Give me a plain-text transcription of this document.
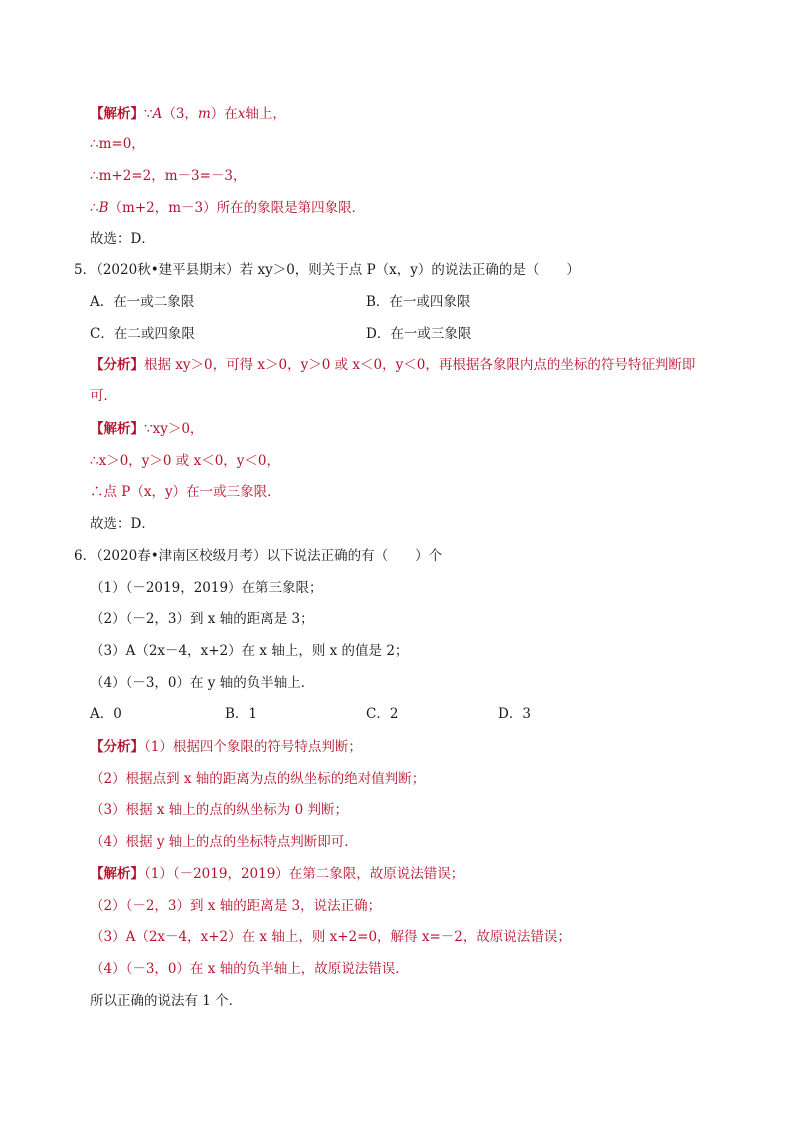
【解析】∵A（3，m）在x轴上，
∴m=0，
∴m+2=2，m－3=－3，
∴B（m+2，m－3）所在的象限是第四象限．
故选：D．
5．（2020秋•建平县期末）若 xy＞0，则关于点 P（x，y）的说法正确的是（　　）
A．在一或二象限	B．在一或四象限
C．在二或四象限	D．在一或三象限
【分析】根据 xy＞0，可得 x＞0，y＞0 或 x＜0，y＜0，再根据各象限内点的坐标的符号特征判断即
可．
【解析】∵xy＞0，
∴x＞0，y＞0 或 x＜0，y＜0，
∴点 P（x，y）在一或三象限．
故选：D．
6．（2020春•津南区校级月考）以下说法正确的有（　　）个
（1）（－2019，2019）在第三象限；
（2）（－2，3）到 x 轴的距离是 3；
（3）A（2x－4，x+2）在 x 轴上，则 x 的值是 2；
（4）（－3，0）在 y 轴的负半轴上．
A．0	B．1	C．2	D．3
【分析】（1）根据四个象限的符号特点判断；
（2）根据点到 x 轴的距离为点的纵坐标的绝对值判断；
（3）根据 x 轴上的点的纵坐标为 0 判断；
（4）根据 y 轴上的点的坐标特点判断即可．
【解析】（1）（－2019，2019）在第二象限，故原说法错误；
（2）（－2，3）到 x 轴的距离是 3，说法正确；
（3）A（2x－4，x+2）在 x 轴上，则 x+2=0，解得 x=－2，故原说法错误；
（4）（－3，0）在 x 轴的负半轴上，故原说法错误．
所以正确的说法有 1 个．
